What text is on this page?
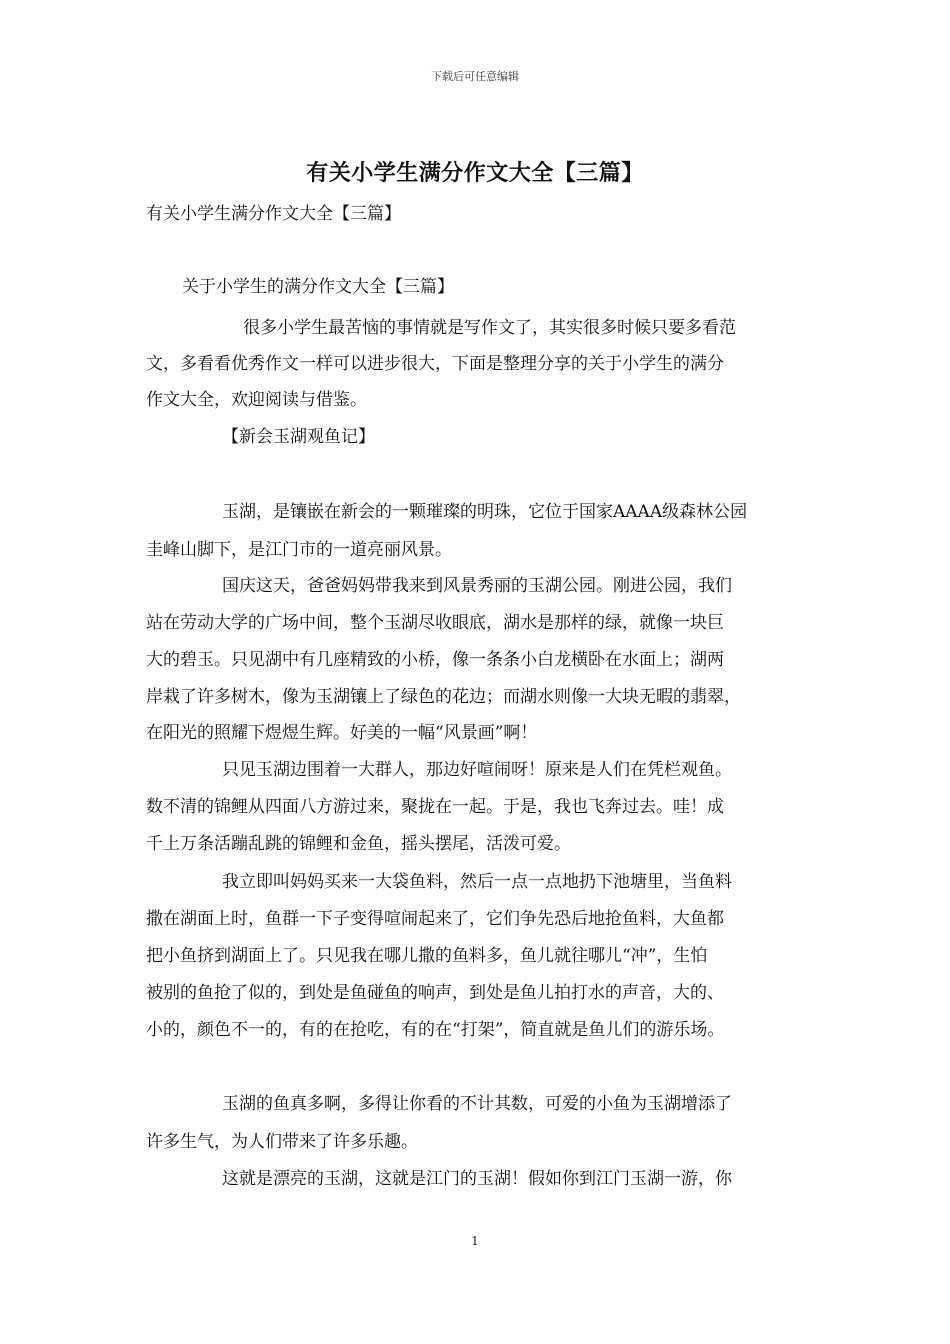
下载后可任意编辑
有关小学生满分作文大全【三篇】
有关小学生满分作文大全【三篇】
关于小学生的满分作文大全【三篇】
很多小学生最苦恼的事情就是写作文了，其实很多时候只要多看范
文，多看看优秀作文一样可以进步很大，下面是整理分享的关于小学生的满分
作文大全，欢迎阅读与借鉴。
【新会玉湖观鱼记】
玉湖，是镶嵌在新会的一颗璀璨的明珠，它位于国家AAAA级森林公园
圭峰山脚下，是江门市的一道亮丽风景。
国庆这天，爸爸妈妈带我来到风景秀丽的玉湖公园。刚进公园，我们
站在劳动大学的广场中间，整个玉湖尽收眼底，湖水是那样的绿，就像一块巨
大的碧玉。只见湖中有几座精致的小桥，像一条条小白龙横卧在水面上；湖两
岸栽了许多树木，像为玉湖镶上了绿色的花边；而湖水则像一大块无暇的翡翠，
在阳光的照耀下煜煜生辉。好美的一幅“风景画”啊！
只见玉湖边围着一大群人，那边好喧闹呀！原来是人们在凭栏观鱼。
数不清的锦鲤从四面八方游过来，聚拢在一起。于是，我也飞奔过去。哇！成
千上万条活蹦乱跳的锦鲤和金鱼，摇头摆尾，活泼可爱。
我立即叫妈妈买来一大袋鱼料，然后一点一点地扔下池塘里，当鱼料
撒在湖面上时，鱼群一下子变得喧闹起来了，它们争先恐后地抢鱼料，大鱼都
把小鱼挤到湖面上了。只见我在哪儿撒的鱼料多，鱼儿就往哪儿“冲”，生怕
被别的鱼抢了似的，到处是鱼碰鱼的响声，到处是鱼儿拍打水的声音，大的、
小的，颜色不一的，有的在抢吃，有的在“打架”，简直就是鱼儿们的游乐场。
玉湖的鱼真多啊，多得让你看的不计其数，可爱的小鱼为玉湖增添了
许多生气，为人们带来了许多乐趣。
这就是漂亮的玉湖，这就是江门的玉湖！假如你到江门玉湖一游，你
1
